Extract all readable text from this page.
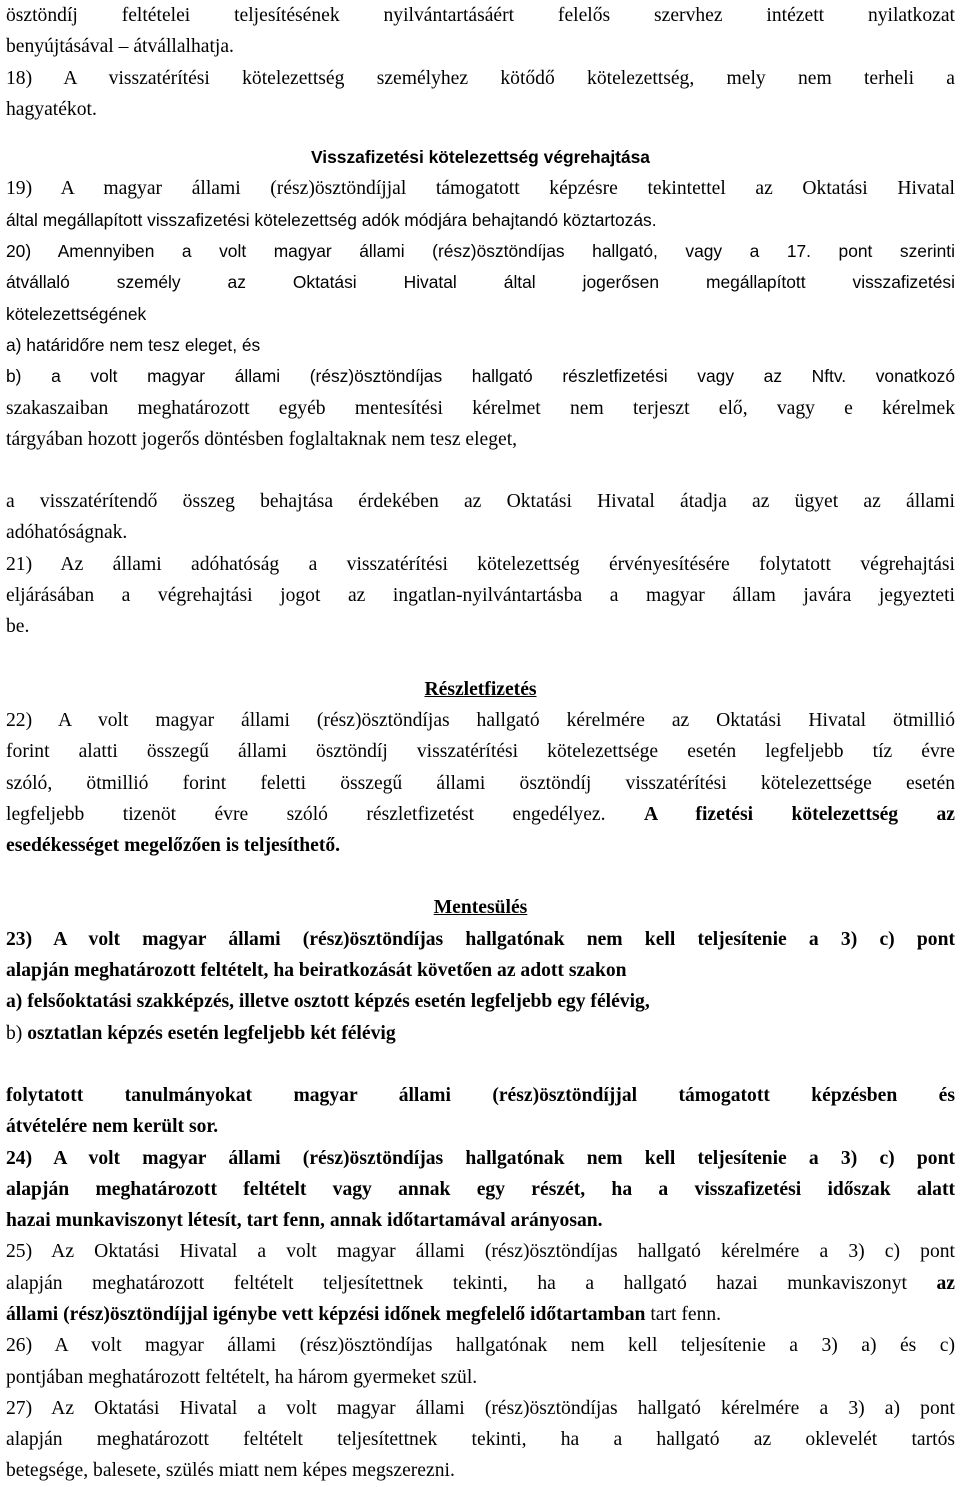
ösztöndíj feltételei teljesítésének nyilvántartásáért felelős szervhez intézett nyilatkozat
benyújtásával – átvállalhatja.
18) A visszatérítési kötelezettség személyhez kötődő kötelezettség, mely nem terheli a
hagyatékot.
Visszafizetési kötelezettség végrehajtása
19) A magyar állami (rész)ösztöndíjjal támogatott képzésre tekintettel az Oktatási Hivatal
által megállapított visszafizetési kötelezettség adók módjára behajtandó köztartozás.
20) Amennyiben a volt magyar állami (rész)ösztöndíjas hallgató, vagy a 17. pont szerinti
átvállaló személy az Oktatási Hivatal által jogerősen megállapított visszafizetési
kötelezettségének
a) határidőre nem tesz eleget, és
b) a volt magyar állami (rész)ösztöndíjas hallgató részletfizetési vagy az Nftv. vonatkozó
szakaszaiban meghatározott egyéb mentesítési kérelmet nem terjeszt elő, vagy e kérelmek
tárgyában hozott jogerős döntésben foglaltaknak nem tesz eleget,
a visszatérítendő összeg behajtása érdekében az Oktatási Hivatal átadja az ügyet az állami
adóhatóságnak.
21) Az állami adóhatóság a visszatérítési kötelezettség érvényesítésére folytatott végrehajtási
eljárásában a végrehajtási jogot az ingatlan-nyilvántartásba a magyar állam javára jegyezteti
be.
Részletfizetés
22) A volt magyar állami (rész)ösztöndíjas hallgató kérelmére az Oktatási Hivatal ötmillió
forint alatti összegű állami ösztöndíj visszatérítési kötelezettsége esetén legfeljebb tíz évre
szóló, ötmillió forint feletti összegű állami ösztöndíj visszatérítési kötelezettsége esetén
legfeljebb tizenöt évre szóló részletfizetést engedélyez. A fizetési kötelezettség az
esedékességet megelőzően is teljesíthető.
Mentesülés
23) A volt magyar állami (rész)ösztöndíjas hallgatónak nem kell teljesítenie a 3) c) pont
alapján meghatározott feltételt, ha beiratkozását követően az adott szakon
a) felsőoktatási szakképzés, illetve osztott képzés esetén legfeljebb egy félévig,
b) osztatlan képzés esetén legfeljebb két félévig
folytatott tanulmányokat magyar állami (rész)ösztöndíjjal támogatott képzésben és
átvételére nem került sor.
24) A volt magyar állami (rész)ösztöndíjas hallgatónak nem kell teljesítenie a 3) c) pont
alapján meghatározott feltételt vagy annak egy részét, ha a visszafizetési időszak alatt
hazai munkaviszonyt létesít, tart fenn, annak időtartamával arányosan.
25) Az Oktatási Hivatal a volt magyar állami (rész)ösztöndíjas hallgató kérelmére a 3) c) pont
alapján meghatározott feltételt teljesítettnek tekinti, ha a hallgató hazai munkaviszonyt az
állami (rész)ösztöndíjjal igénybe vett képzési időnek megfelelő időtartamban tart fenn.
26) A volt magyar állami (rész)ösztöndíjas hallgatónak nem kell teljesítenie a 3) a) és c)
pontjában meghatározott feltételt, ha három gyermeket szül.
27) Az Oktatási Hivatal a volt magyar állami (rész)ösztöndíjas hallgató kérelmére a 3) a) pont
alapján meghatározott feltételt teljesítettnek tekinti, ha a hallgató az oklevelét tartós
betegsége, balesete, szülés miatt nem képes megszerezni.
